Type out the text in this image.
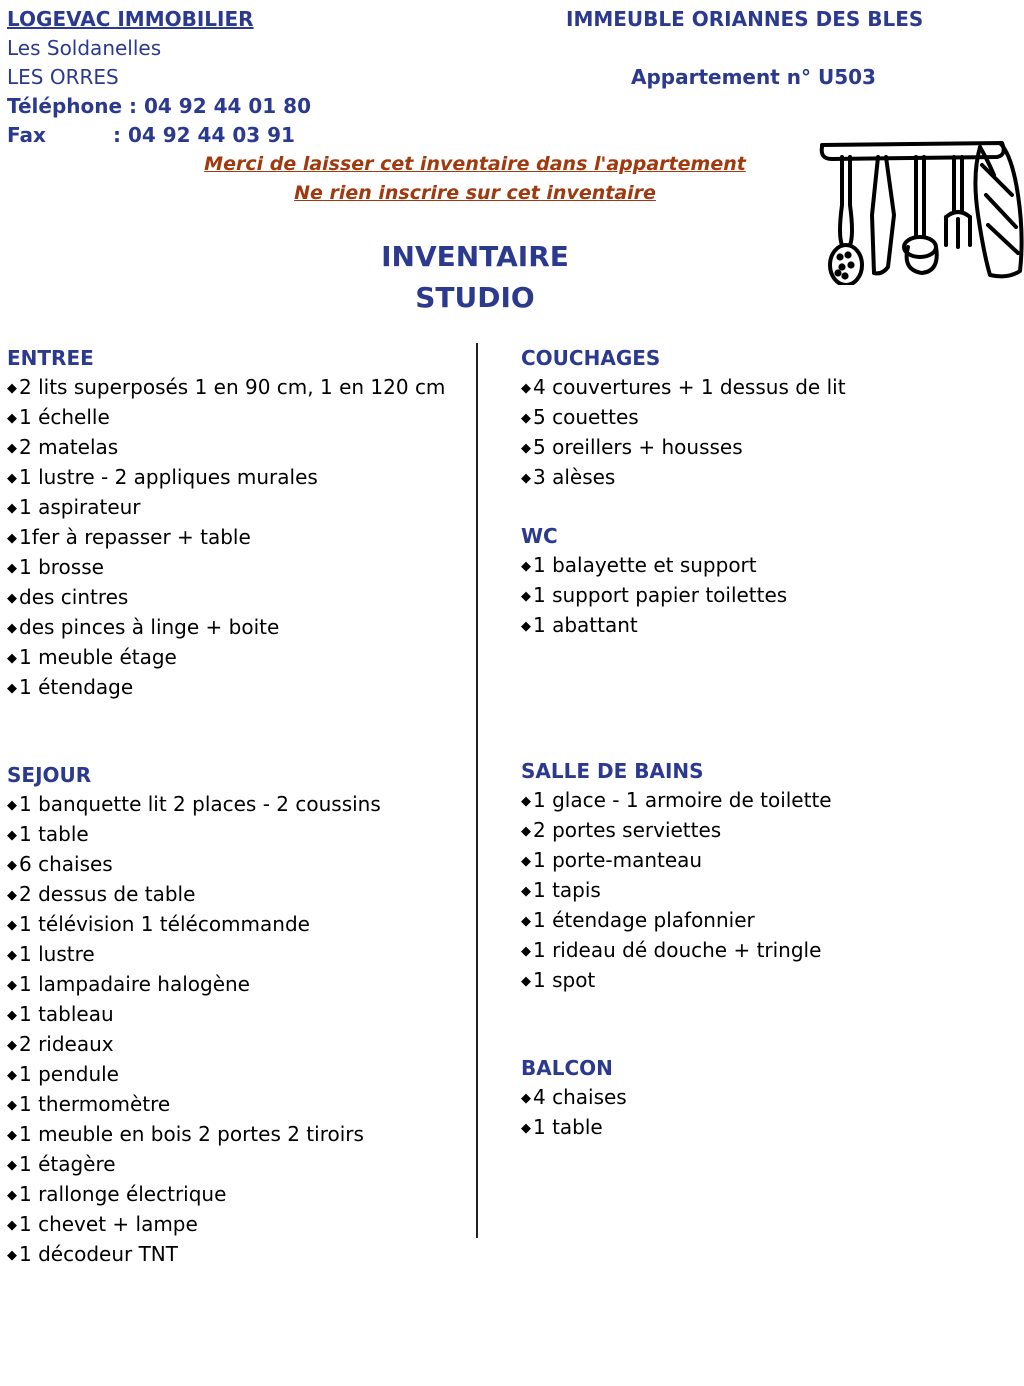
LOGEVAC IMMOBILIER
Les Soldanelles
LES ORRES
Téléphone : 04 92 44 01 80
Fax	: 04 92 44 03 91
IMMEUBLE ORIANNES DES BLES
Appartement n° U503
Merci de laisser cet inventaire dans l'appartement
Ne rien inscrire sur cet inventaire
INVENTAIRE
STUDIO
ENTREE
◆ 2 lits superposés 1 en 90 cm, 1 en 120 cm
◆ 1 échelle
◆ 2 matelas
◆ 1 lustre - 2 appliques murales
◆ 1 aspirateur
◆ 1fer à repasser + table
◆ 1 brosse
◆ des cintres
◆ des pinces à linge + boite
◆ 1 meuble étage
◆ 1 étendage
SEJOUR
◆ 1 banquette lit 2 places - 2 coussins
◆ 1 table
◆ 6 chaises
◆ 2 dessus de table
◆ 1 télévision 1 télécommande
◆ 1 lustre
◆ 1 lampadaire halogène
◆ 1 tableau
◆ 2 rideaux
◆ 1 pendule
◆ 1 thermomètre
◆ 1 meuble en bois 2 portes 2 tiroirs
◆ 1 étagère
◆ 1 rallonge électrique
◆ 1 chevet + lampe
◆ 1 décodeur TNT
COUCHAGES
◆ 4 couvertures + 1 dessus de lit
◆ 5 couettes
◆ 5 oreillers + housses
◆ 3 alèses
WC
◆ 1 balayette et support
◆ 1 support papier toilettes
◆ 1 abattant
SALLE DE BAINS
◆ 1 glace - 1 armoire de toilette
◆ 2 portes serviettes
◆ 1 porte-manteau
◆ 1 tapis
◆ 1 étendage plafonnier
◆ 1 rideau dé douche + tringle
◆ 1 spot
BALCON
◆ 4 chaises
◆ 1 table
